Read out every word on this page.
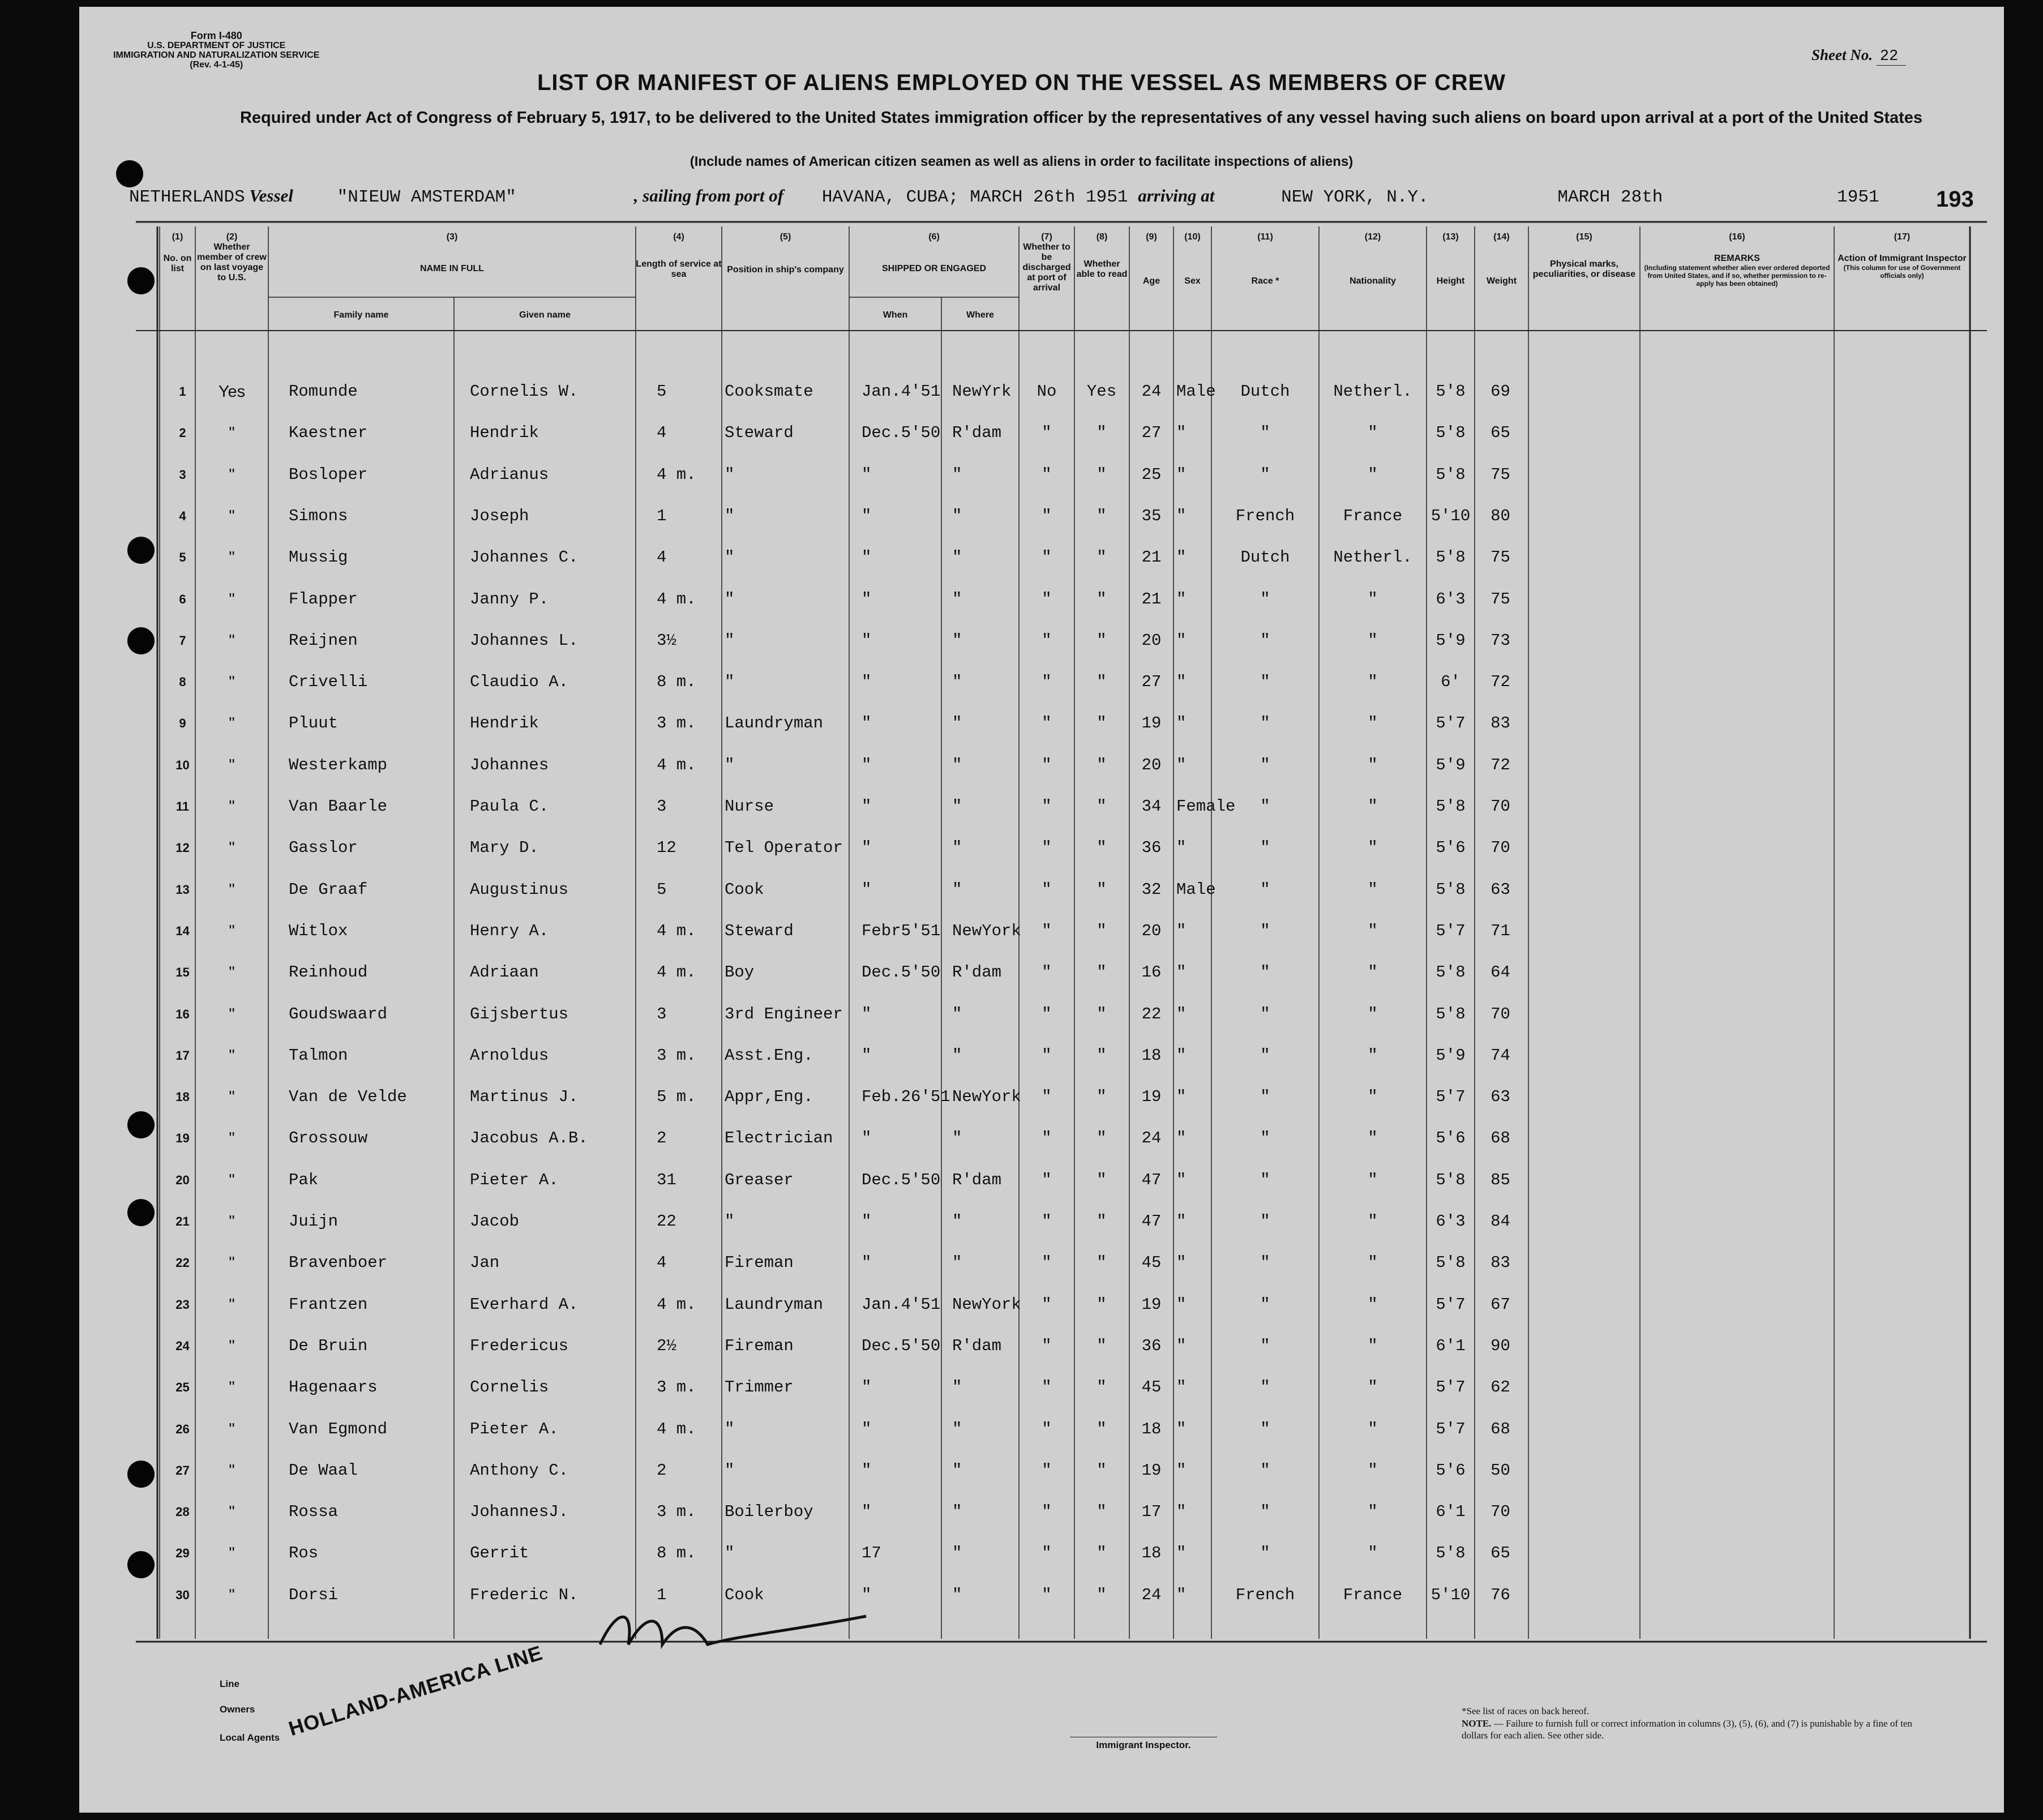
Form I-480
U.S. DEPARTMENT OF JUSTICE
IMMIGRATION AND NATURALIZATION SERVICE
(Rev. 4-1-45)
Sheet No. 22
LIST OR MANIFEST OF ALIENS EMPLOYED ON THE VESSEL AS MEMBERS OF CREW
Required under Act of Congress of February 5, 1917, to be delivered to the United States immigration officer by the representatives of any vessel having such aliens on board upon arrival at a port of the United States
(Include names of American citizen seamen as well as aliens in order to facilitate inspections of aliens)
NETHERLANDS Vessel	"NIEUW AMSTERDAM"	, sailing from port of HAVANA, CUBA; MARCH 26th 1951 arriving at	NEW YORK, N.Y.	MARCH 28th	1951	193
(1)
No. on list
(2)
Whether member of crew on last voyage to U.S.
(3)
NAME IN FULL
Family name	Given name
(4)
Length of service at sea
(5)
Position in ship's company
(6)
SHIPPED OR ENGAGED
When	Where
(7)
Whether to be discharged at port of arrival
(8)
Whether able to read
(9)
Age
(10)
Sex
(11)
Race *
(12)
Nationality
(13)
Height
(14)
Weight
(15)
Physical marks, peculiarities, or disease
(16)
REMARKS
(Including statement whether alien ever ordered deported from United States, and if so, whether permission to re-apply has been obtained)
(17)
Action of Immigrant Inspector
(This column for use of Government officials only)
1	Yes	Romunde	Cornelis W.	5	Cooksmate	Jan.4'51 NewYrk	No	Yes	24 Male	Dutch	Netherl.	5'8	69
2	"	Kaestner	Hendrik	4	Steward	Dec.5'50 R'dam	"	"	27 "	"	"	5'8	65
3	"	Bosloper	Adrianus	4 m.	"	"	"	"	"	25 "	"	"	5'8	75
4	"	Simons	Joseph	1	"	"	"	"	"	35 "	French	France	5'10	80
5	"	Mussig	Johannes C.	4	"	"	"	"	"	21 "	Dutch	Netherl.	5'8	75
6	"	Flapper	Janny P.	4 m.	"	"	"	"	"	21 "	"	"	6'3	75
7	"	Reijnen	Johannes L.	3½	"	"	"	"	"	20 "	"	"	5'9	73
8	"	Crivelli	Claudio A.	8 m.	"	"	"	"	"	27 "	"	"	6'	72
9	"	Pluut	Hendrik	3 m.	Laundryman	"	"	"	"	19 "	"	"	5'7	83
10	"	Westerkamp	Johannes	4 m.	"	"	"	"	"	20 "	"	"	5'9	72
11	"	Van Baarle	Paula C.	3	Nurse	"	"	"	"	34 Female	"	"	5'8	70
12	"	Gasslor	Mary D.	12	Tel Operator	"	"	"	"	36 "	"	"	5'6	70
13	"	De Graaf	Augustinus	5	Cook	"	"	"	"	32 Male	"	"	5'8	63
14	"	Witlox	Henry A.	4 m.	Steward	Febr5'51 NewYork	"	"	20 "	"	"	5'7	71
15	"	Reinhoud	Adriaan	4 m.	Boy	Dec.5'50 R'dam	"	"	16 "	"	"	5'8	64
16	"	Goudswaard	Gijsbertus	3	3rd Engineer	"	"	"	"	22 "	"	"	5'8	70
17	"	Talmon	Arnoldus	3 m.	Asst.Eng.	"	"	"	"	18 "	"	"	5'9	74
18	"	Van de Velde	Martinus J.	5 m.	Appr,Eng.	Feb.26'51 NewYork	"	"	19 "	"	"	5'7	63
19	"	Grossouw	Jacobus A.B.	2	Electrician	"	"	"	"	24 "	"	"	5'6	68
20	"	Pak	Pieter A.	31	Greaser	Dec.5'50 R'dam	"	"	47 "	"	"	5'8	85
21	"	Juijn	Jacob	22	"	"	"	"	"	47 "	"	"	6'3	84
22	"	Bravenboer	Jan	4	Fireman	"	"	"	"	45 "	"	"	5'8	83
23	"	Frantzen	Everhard A.	4 m.	Laundryman	Jan.4'51 NewYork	"	"	19 "	"	"	5'7	67
24	"	De Bruin	Fredericus	2½	Fireman	Dec.5'50 R'dam	"	"	36 "	"	"	6'1	90
25	"	Hagenaars	Cornelis	3 m.	Trimmer	"	"	"	"	45 "	"	"	5'7	62
26	"	Van Egmond	Pieter A.	4 m.	"	"	"	"	"	18 "	"	"	5'7	68
27	"	De Waal	Anthony C.	2	"	"	"	"	"	19 "	"	"	5'6	50
28	"	Rossa	JohannesJ.	3 m.	Boilerboy	"	"	"	"	17 "	"	"	6'1	70
29	"	Ros	Gerrit	8 m.	"	17	"	"	"	18 "	"	"	5'8	65
30	"	Dorsi	Frederic N.	1	Cook	"	"	"	"	24 "	French	France	5'10	76
Line
Owners
Local Agents HOLLAND-AMERICA LINE
Immigrant Inspector.
*See list of races on back hereof.
NOTE. — Failure to furnish full or correct information in columns (3), (5), (6), and (7) is punishable by a fine of ten dollars for each alien. See other side.
